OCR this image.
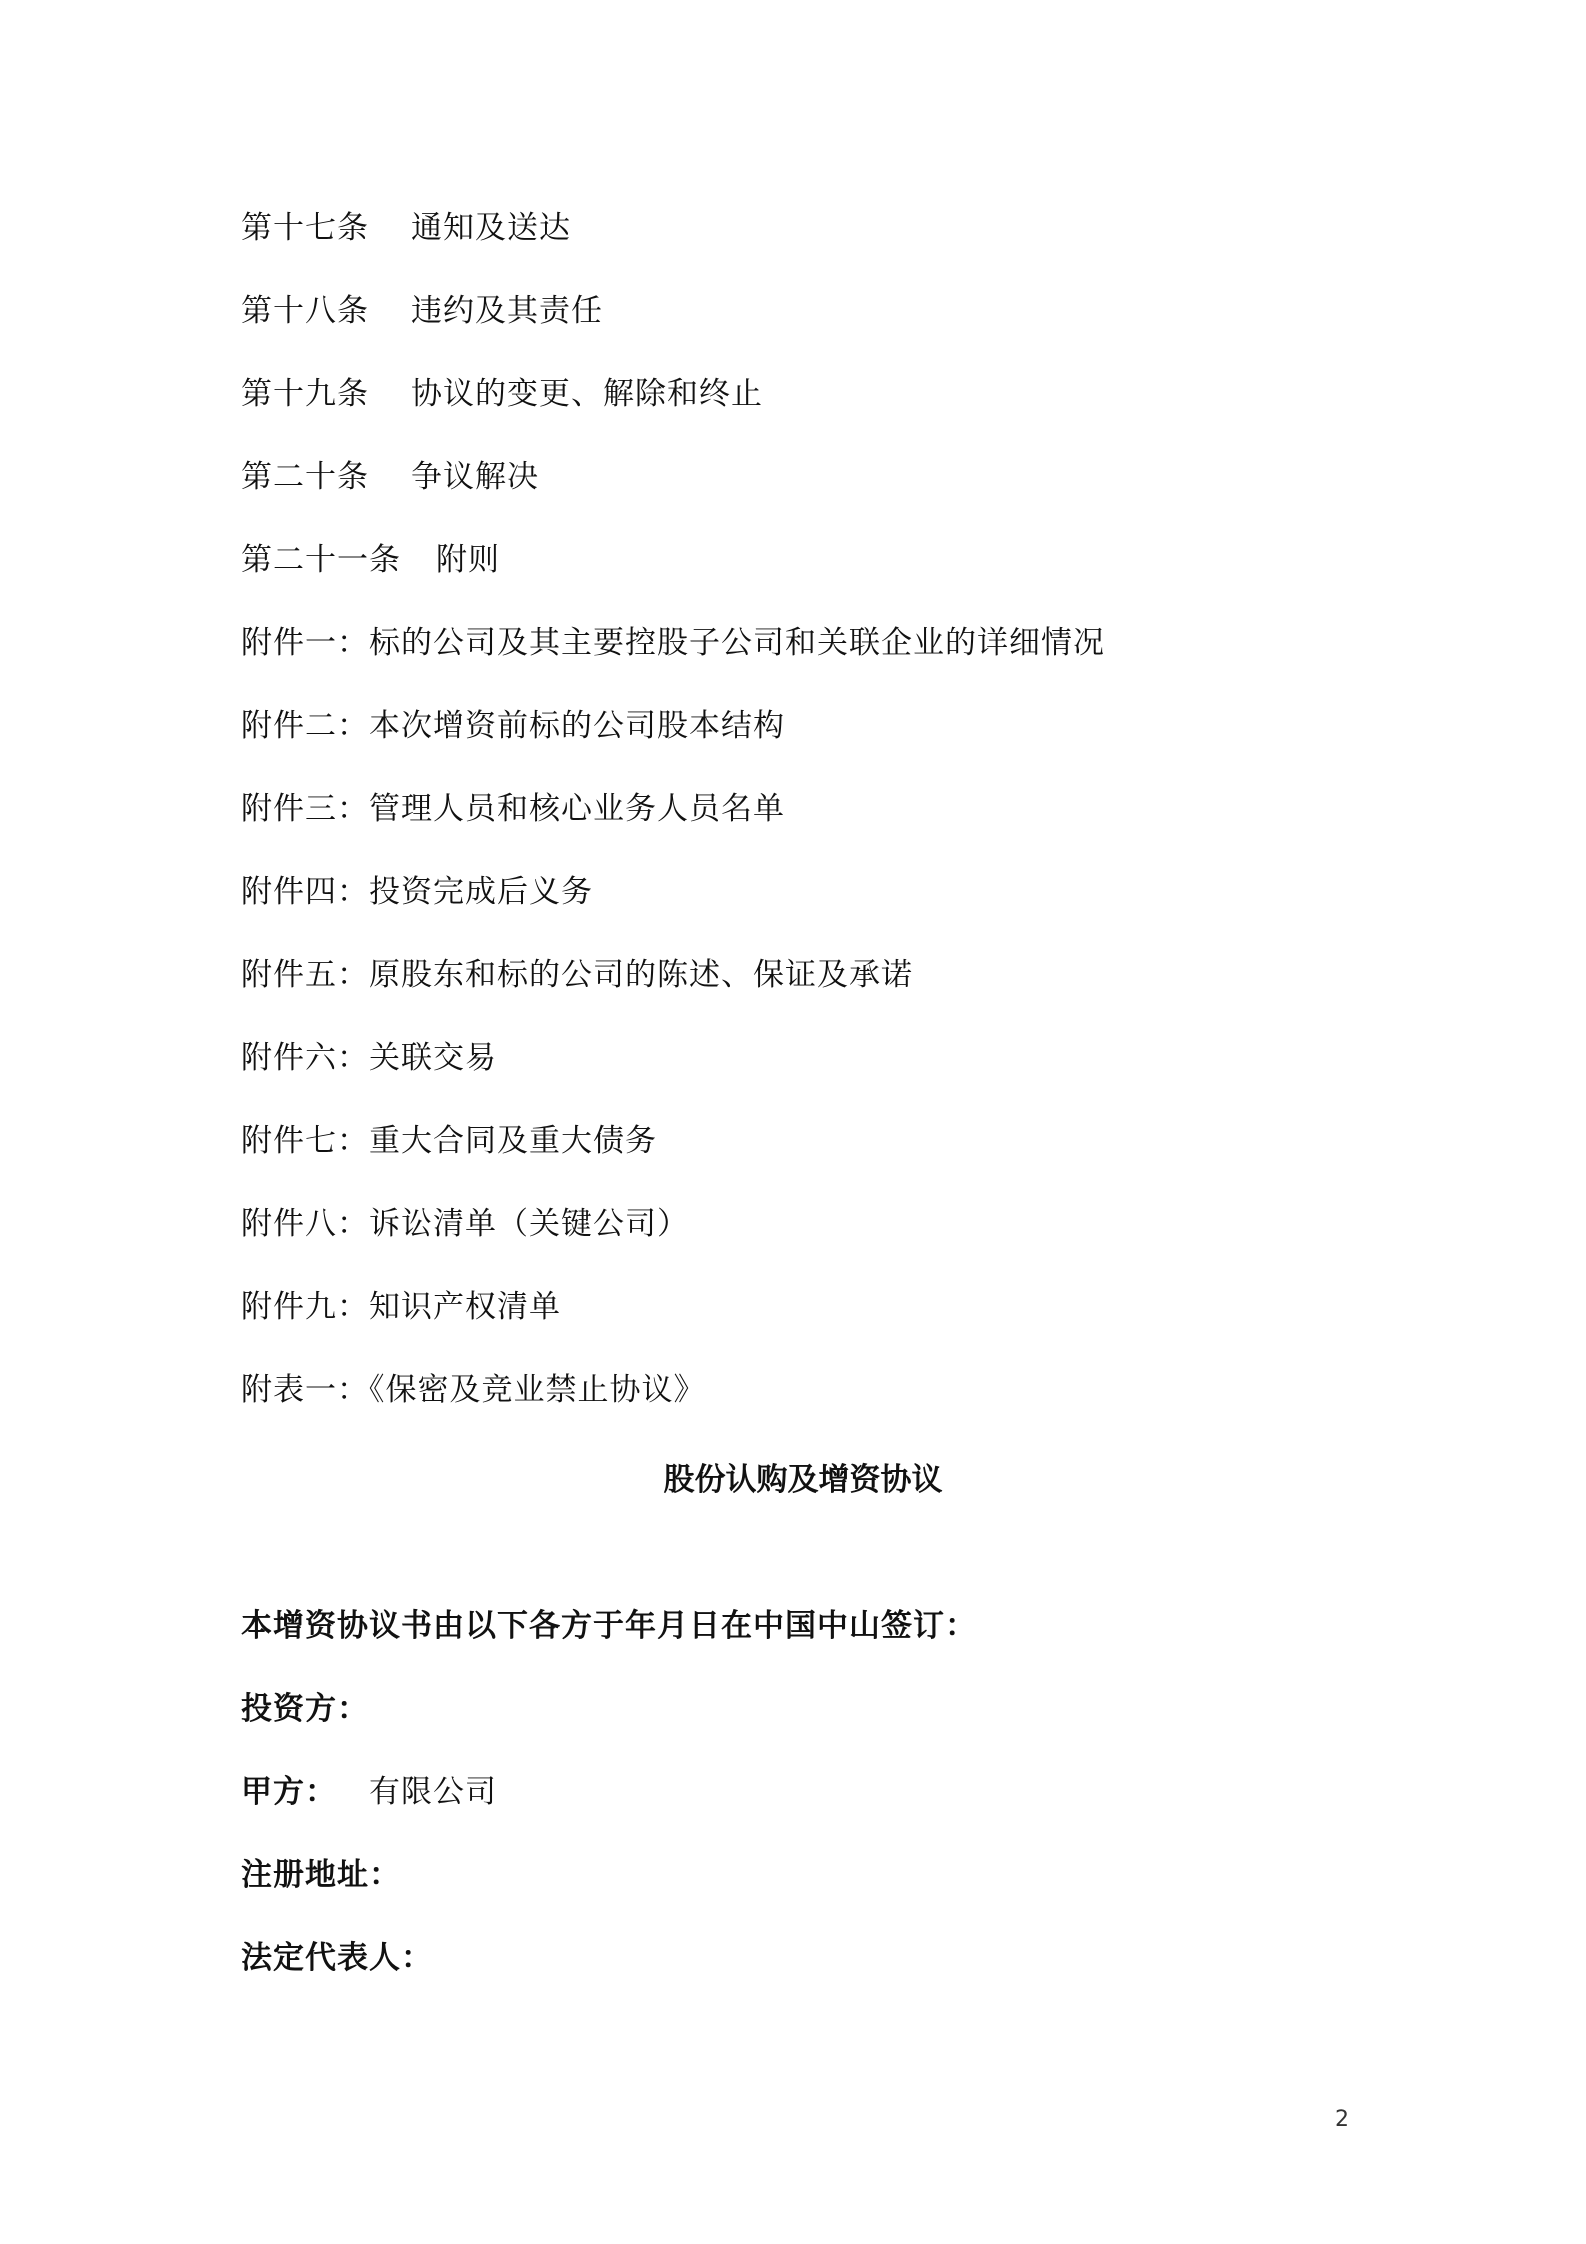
第十七条 通知及送达
第十八条 违约及其责任
第十九条 协议的变更、解除和终止
第二十条 争议解决
第二十一条 附则
附件一：标的公司及其主要控股子公司和关联企业的详细情况
附件二：本次增资前标的公司股本结构
附件三：管理人员和核心业务人员名单
附件四：投资完成后义务
附件五：原股东和标的公司的陈述、保证及承诺
附件六：关联交易
附件七：重大合同及重大债务
附件八：诉讼清单（关键公司）
附件九：知识产权清单
附表一：《保密及竞业禁止协议》
股份认购及增资协议
本增资协议书由以下各方于年月日在中国中山签订：
投资方：
甲方： 有限公司
注册地址：
法定代表人：
2
